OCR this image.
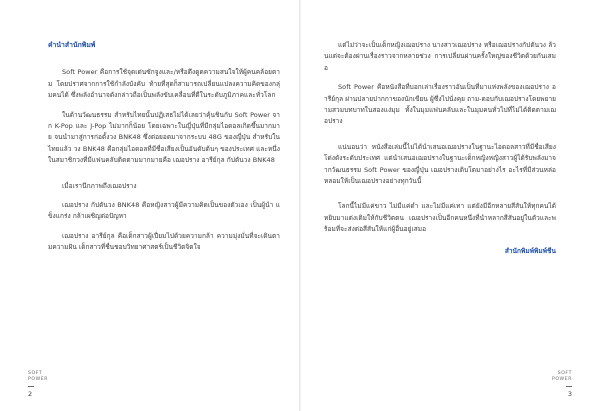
คำนำสำนักพิมพ์

Soft Power คือการใช้จุดเด่นซักจูงและ/หรือดึงดูดความสนใจให้ผู้คนคล้อยตาม โดยปราศจากการใช้กำลังบังคับ ท้ายที่สุดก็สามารถเปลี่ยนแปลงความคิดของกลุ่มคนได้ ซึ่งพลังอำนาจดังกล่าวถือเป็นพลังขับเคลื่อนที่ดีในระดับภูมิภาคและทั่วโลก

ในด้านวัฒนธรรม สำหรับไทยนั้นปฏิเสธไม่ได้เลยว่าคุ้นชินกับ Soft Power จาก K-Pop และ J-Pop ไม่มากก็น้อย โดยเฉพาะในญี่ปุ่นที่มีกลุ่มไอดอลเกิดขึ้นมากมาย จนนำมาสู่การก่อตั้งวง BNK48 ซึ่งต่อยอดมาจากระบบ 48G ของญี่ปุ่น สำหรับในไทยแล้ว วง BNK48 คือกลุ่มไอดอลที่มีชื่อเสียงเป็นอันดับต้นๆ ของประเทศ และหนึ่งในสมาชิกวงที่มีแฟนคลับติดตามมากมายคือ เฌอปราง อารีย์กุล กัปตันวง BNK48

เมื่อเรานึกภาพถึงเฌอปราง

เฌอปราง กัปตันวง BNK48 คือหญิงสาวผู้มีความคิดเป็นของตัวเอง เป็นผู้นำ แข็งแกร่ง กล้าเผชิญต่อปัญหา

เฌอปราง อารีย์กุล คือเด็กสาวผู้เปี่ยมไปด้วยความกล้า ความมุ่งมั่นที่จะเดินตามความฝัน เด็กสาวที่ชื่นชอบวิทยาศาสตร์เป็นชีวิตจิตใจ

SOFT
POWER
2

แต่ไม่ว่าจะเป็นเด็กหญิงเฌอปราง นางสาวเฌอปราง หรือเฌอปรางกัปตันวง ล้วนแต่จะต้องผ่านเรื่องราวจากหลายช่วง การเปลี่ยนผ่านครั้งใหญ่ของชีวิตด้วยกันเสมอ

Soft Power คือหนังสือที่บอกเล่าเรื่องราวอันเป็นที่มาแห่งพลังของเฌอปราง อารีย์กุล ผ่านปลายปากกาของนักเขียน ผู้ซึ่งไปนั่งคุย ถาม-ตอบกับเฌอปรางโดยพยายามสวมบทบาทในสองแง่มุม ทั้งในมุมแฟนคลับและในมุมคนทั่วไปที่ไม่ได้ติดตามเฌอปราง

แน่นอนว่า หนังสือเล่มนี้ไม่ได้นำเสนอเฌอปรางในฐานะไอดอลสาวที่มีชื่อเสียงโด่งดังระดับประเทศ แต่นำเสนอเฌอปรางในฐานะเด็กหญิงหญิงสาวผู้ได้รับพลังมาจากวัฒนธรรม Soft Power ของญี่ปุ่น เฌอปรางเติบโตมาอย่างไร อะไรที่มีส่วนหล่อหลอมให้เป็นเฌอปรางอย่างทุกวันนี้

โลกนี้ไม่มีแค่ขาว ไม่มีแค่ดำ และไม่มีแค่เทา แต่ยังมีอีกหลายสีสันให้ทุกคนได้หยิบมาแต่งเติมให้กับชีวิตตน เฌอปรางเป็นอีกคนหนึ่งที่นำหลากสีสันอยู่ในตัวและพร้อมที่จะส่งต่อสีสันให้แก่ผู้อื่นอยู่เสมอ

สำนักพิมพ์พิมพ์ชีน

SOFT
POWER
3
